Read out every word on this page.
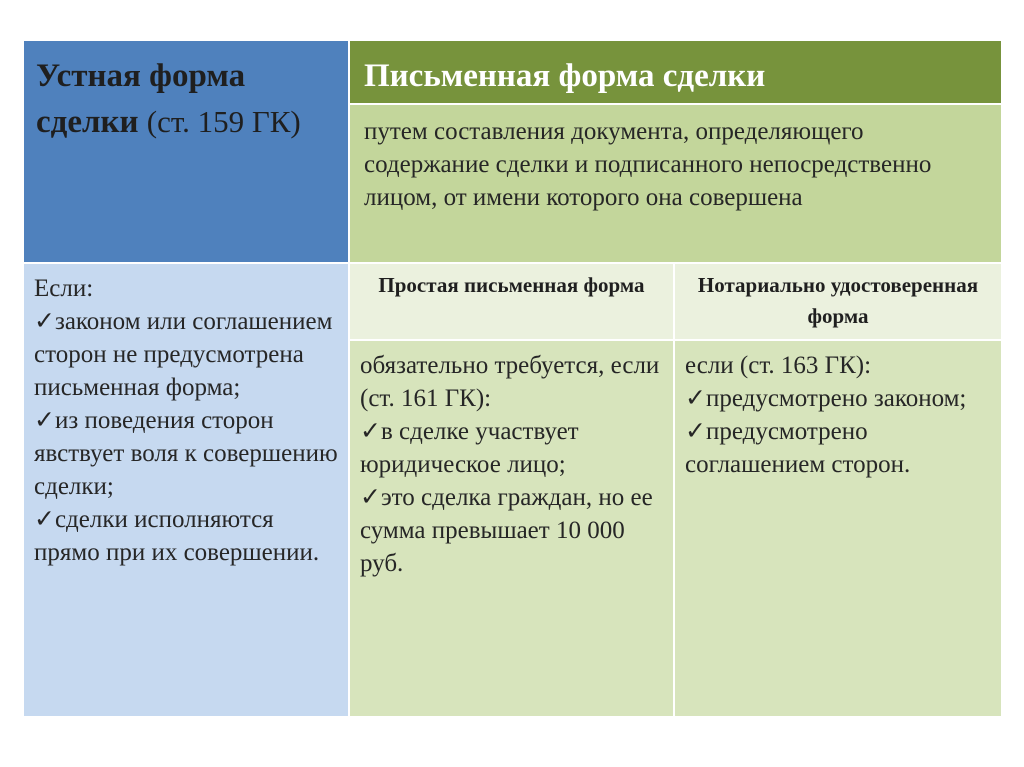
Устная форма сделки (ст. 159 ГК)
Письменная форма сделки
путем составления документа, определяющего содержание сделки и подписанного непосредственно лицом, от имени которого она совершена
Если:
✓законом или соглашением сторон не предусмотрена письменная форма;
✓из поведения сторон явствует воля к совершению сделки;
✓сделки исполняются прямо при их совершении.
Простая письменная форма	Нотариально удостоверенная форма
обязательно требуется, если (ст. 161 ГК):
✓в сделке участвует юридическое лицо;
✓это сделка граждан, но ее сумма превышает 10 000 руб.
если (ст. 163 ГК):
✓предусмотрено законом;
✓предусмотрено соглашением сторон.
